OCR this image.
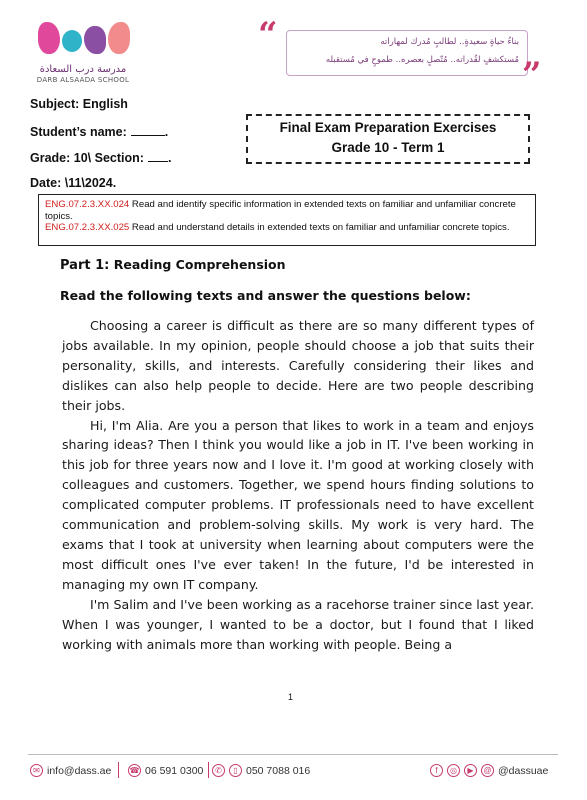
مدرسة درب السعادة
DARB ALSAADA SCHOOL
“	بناءُ حياةٍ سعيدةٍ.. لطالبٍ مُدرك لمهاراته
مُستكشفٍ لقُدراته.. مُتّصلٍ بعصره.. طموحٍ في مُستقبله ”
Subject: English
Student’s name:	.
Grade: 10\ Section: .
Date: \11\2024.
Final Exam Preparation Exercises
Grade 10 - Term 1
ENG.07.2.3.XX.024 Read and identify specific information in extended texts on familiar and unfamiliar concrete topics.
ENG.07.2.3.XX.025 Read and understand details in extended texts on familiar and unfamiliar concrete topics.
Part 1: Reading Comprehension
Read the following texts and answer the questions below:

Choosing a career is difficult as there are so many different types of jobs available. In my opinion, people should choose a job that suits their personality, skills, and interests. Carefully considering their likes and dislikes can also help people to decide. Here are two people describing their jobs.

Hi, I'm Alia. Are you a person that likes to work in a team and enjoys sharing ideas? Then I think you would like a job in IT. I've been working in this job for three years now and I love it. I'm good at working closely with colleagues and customers. Together, we spend hours finding solutions to complicated computer problems. IT professionals need to have excellent communication and problem-solving skills. My work is very hard. The exams that I took at university when learning about computers were the most difficult ones I've ever taken! In the future, I'd be interested in managing my own IT company.

I'm Salim and I've been working as a racehorse trainer since last year. When I was younger, I wanted to be a doctor, but I found that I liked working with animals more than working with people. Being a

1
✉ info@dass.ae ☎ 06 591 0300	✆	▯ 050 7088 016	f	◎	▶	@ @dassuae
